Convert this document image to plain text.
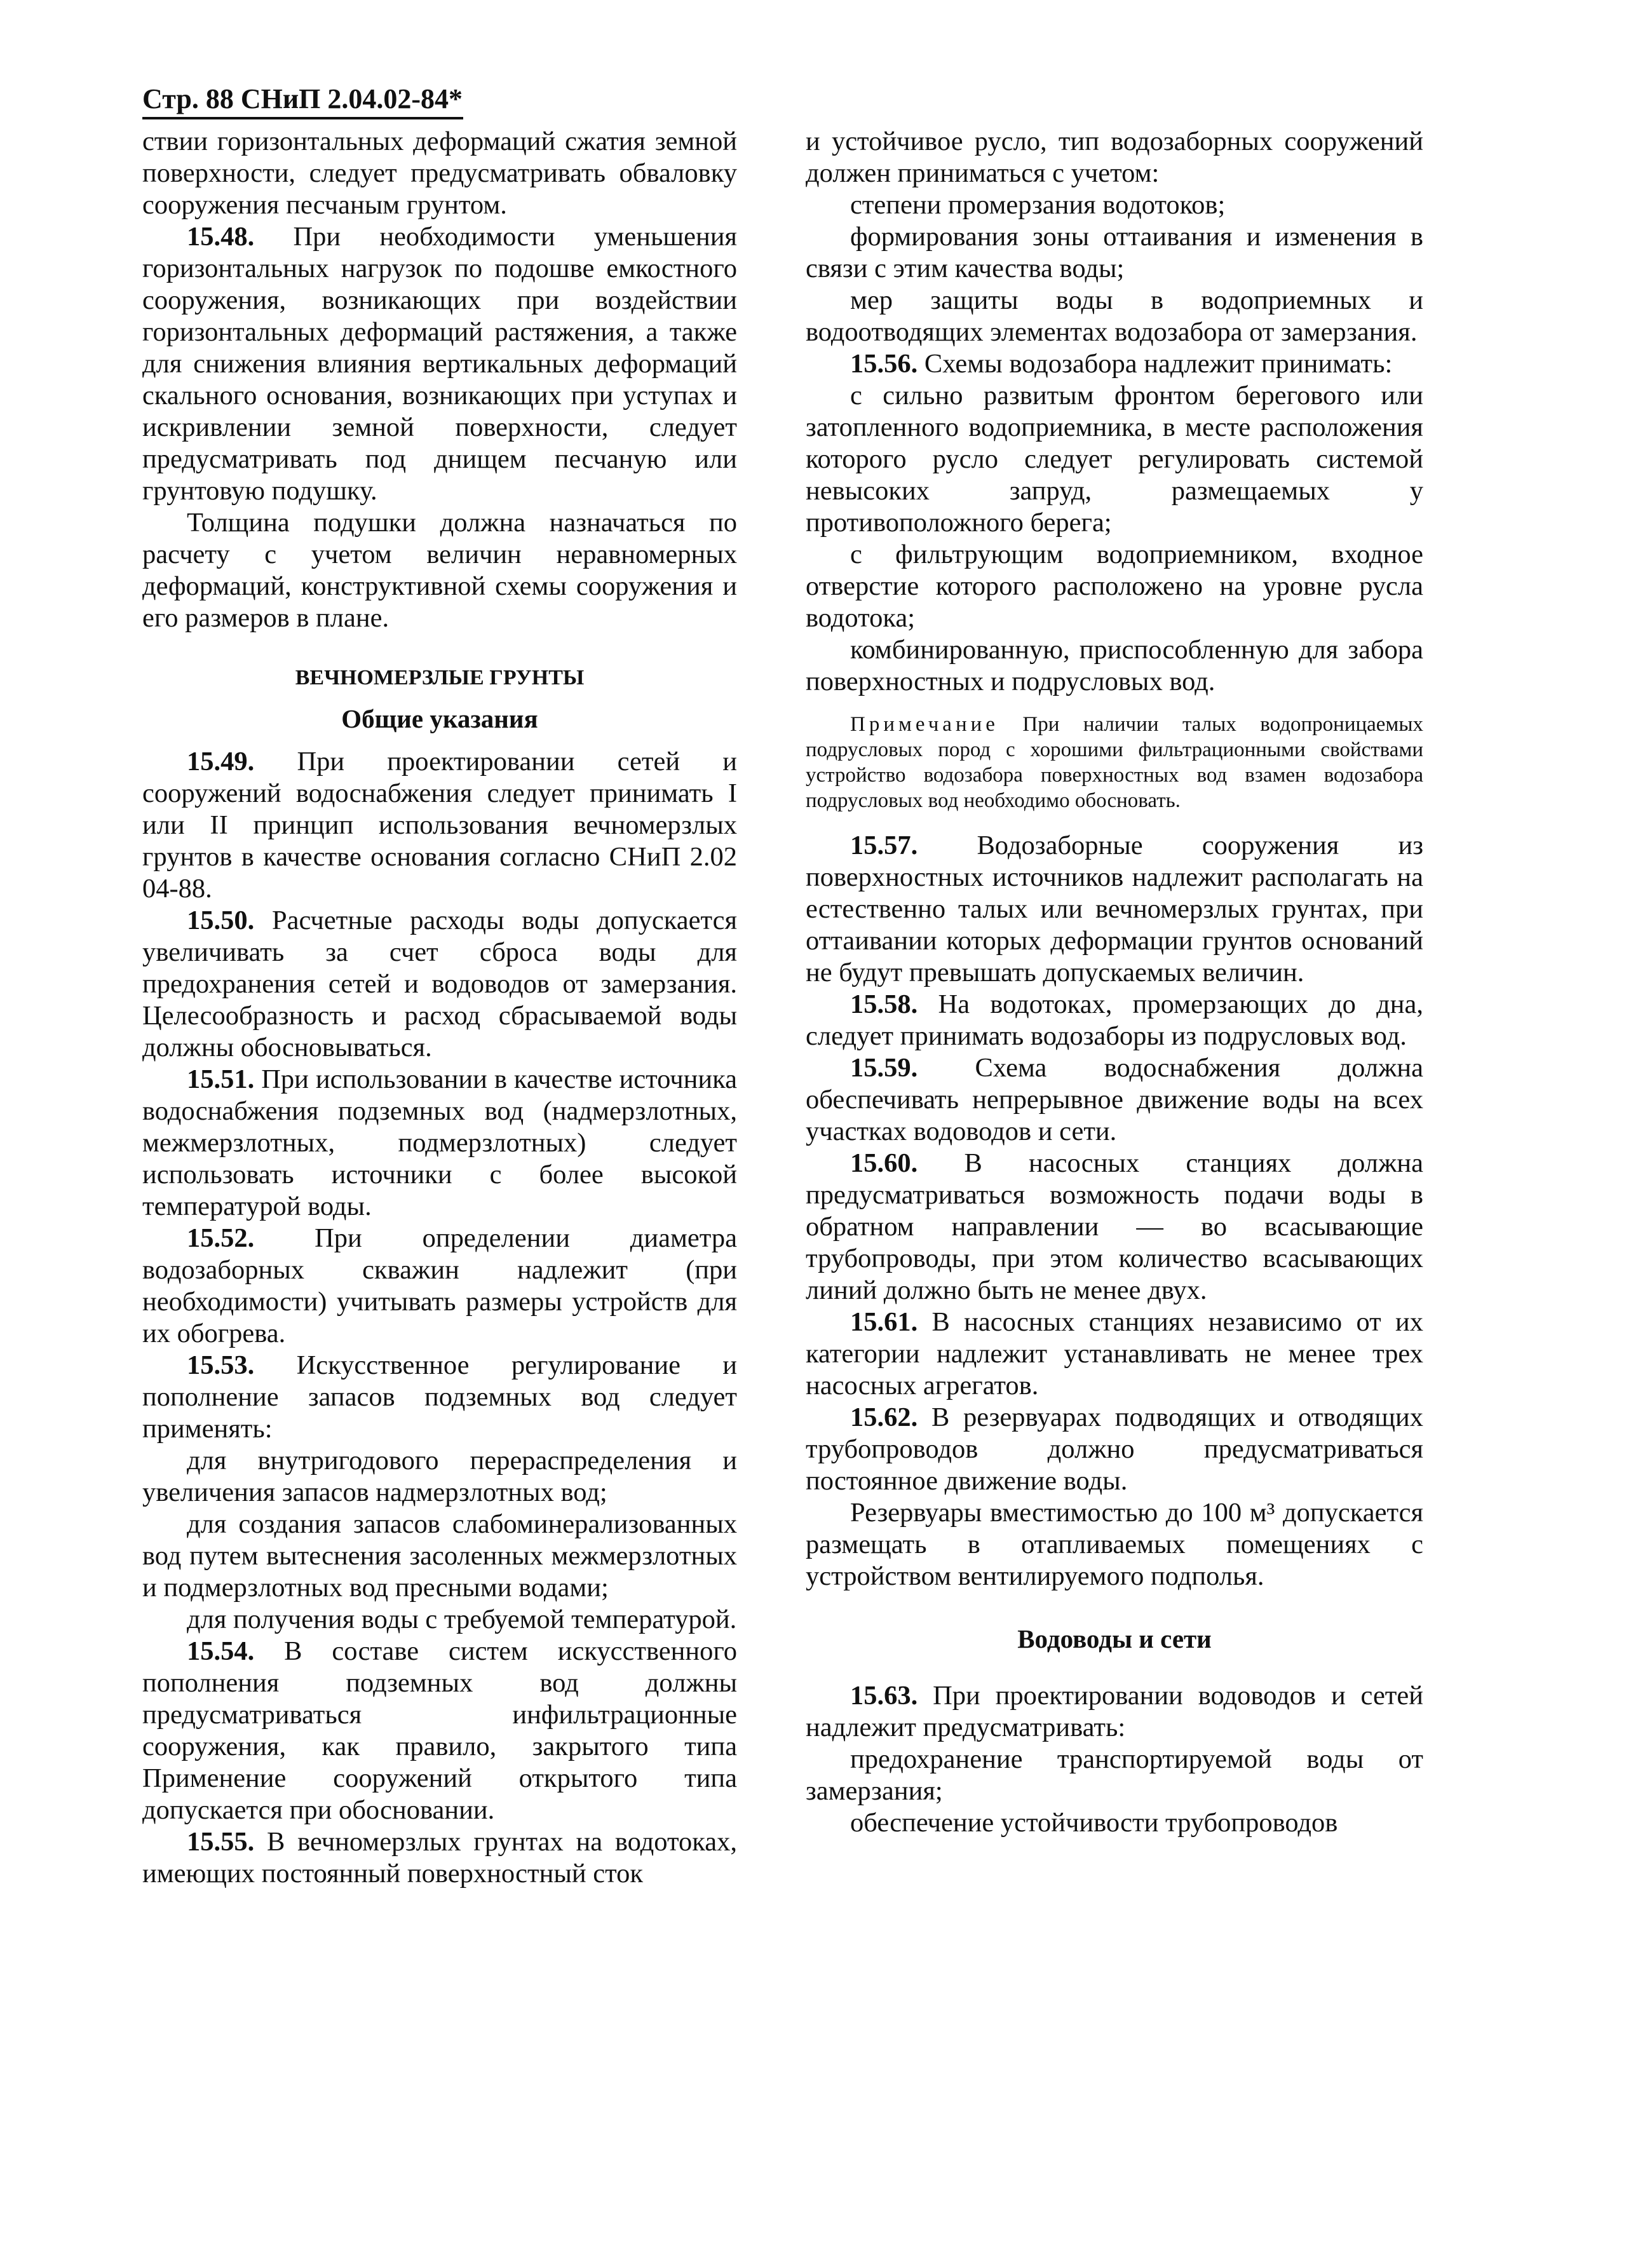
Стр. 88 СНиП 2.04.02-84*

ствии горизонтальных деформаций сжатия земной поверхности, следует предусматривать обваловку сооружения песчаным грунтом.

15.48. При необходимости уменьшения горизонтальных нагрузок по подошве емкостного сооружения, возникающих при воздействии горизонтальных деформаций растяжения, а также для снижения влияния вертикальных деформаций скального основания, возникающих при уступах и искривлении земной поверхности, следует предусматривать под днищем песчаную или грунтовую подушку.

Толщина подушки должна назначаться по расчету с учетом величин неравномерных деформаций, конструктивной схемы сооружения и его размеров в плане.

ВЕЧНОМЕРЗЛЫЕ ГРУНТЫ
Общие указания

15.49. При проектировании сетей и сооружений водоснабжения следует принимать I или II принцип использования вечномерзлых грунтов в качестве основания согласно СНиП 2.02 04-88.

15.50. Расчетные расходы воды допускается увеличивать за счет сброса воды для предохранения сетей и водоводов от замерзания. Целесообразность и расход сбрасываемой воды должны обосновываться.

15.51. При использовании в качестве источника водоснабжения подземных вод (надмерзлотных, межмерзлотных, подмерзлотных) следует использовать источники с более высокой температурой воды.

15.52. При определении диаметра водозаборных скважин надлежит (при необходимости) учитывать размеры устройств для их обогрева.

15.53. Искусственное регулирование и пополнение запасов подземных вод следует применять:

для внутригодового перераспределения и увеличения запасов надмерзлотных вод;

для создания запасов слабоминерализованных вод путем вытеснения засоленных межмерзлотных и подмерзлотных вод пресными водами;

для получения воды с требуемой температурой.

15.54. В составе систем искусственного пополнения подземных вод должны предусматриваться инфильтрационные сооружения, как правило, закрытого типа Применение сооружений открытого типа допускается при обосновании.

15.55. В вечномерзлых грунтах на водотоках, имеющих постоянный поверхностный сток

и устойчивое русло, тип водозаборных сооружений должен приниматься с учетом:

степени промерзания водотоков;

формирования зоны оттаивания и изменения в связи с этим качества воды;

мер защиты воды в водоприемных и водоотводящих элементах водозабора от замерзания.

15.56. Схемы водозабора надлежит принимать:

с сильно развитым фронтом берегового или затопленного водоприемника, в месте расположения которого русло следует регулировать системой невысоких запруд, размещаемых у противоположного берега;

с фильтрующим водоприемником, входное отверстие которого расположено на уровне русла водотока;

комбинированную, приспособленную для забора поверхностных и подрусловых вод.

Примечание При наличии талых водопроницаемых подрусловых пород с хорошими фильтрационными свойствами устройство водозабора поверхностных вод взамен водозабора подрусловых вод необходимо обосновать.

15.57. Водозаборные сооружения из поверхностных источников надлежит располагать на естественно талых или вечномерзлых грунтах, при оттаивании которых деформации грунтов оснований не будут превышать допускаемых величин.

15.58. На водотоках, промерзающих до дна, следует принимать водозаборы из подрусловых вод.

15.59. Схема водоснабжения должна обеспечивать непрерывное движение воды на всех участках водоводов и сети.

15.60. В насосных станциях должна предусматриваться возможность подачи воды в обратном направлении — во всасывающие трубопроводы, при этом количество всасывающих линий должно быть не менее двух.

15.61. В насосных станциях независимо от их категории надлежит устанавливать не менее трех насосных агрегатов.

15.62. В резервуарах подводящих и отводящих трубопроводов должно предусматриваться постоянное движение воды.

Резервуары вместимостью до 100 м³ допускается размещать в отапливаемых помещениях с устройством вентилируемого подполья.

Водоводы и сети

15.63. При проектировании водоводов и сетей надлежит предусматривать:

предохранение транспортируемой воды от замерзания;

обеспечение устойчивости трубопроводов
